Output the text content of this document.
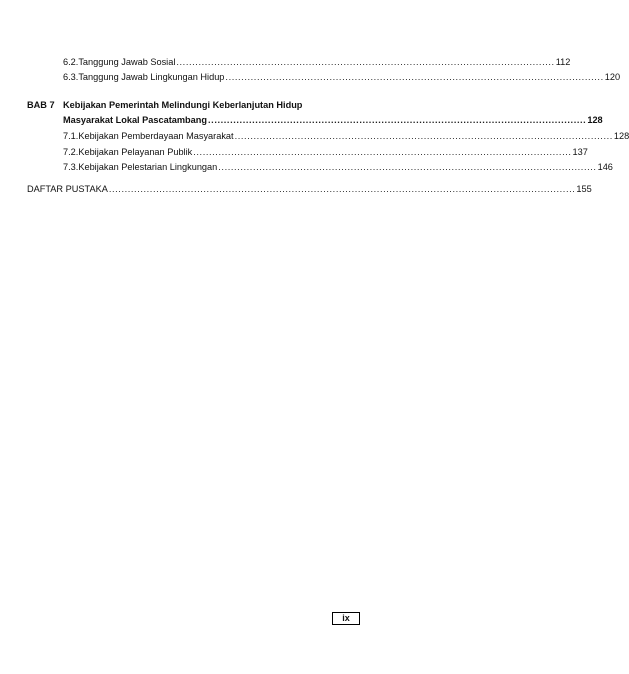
6.2. Tanggung Jawab Sosial ........................................................................................................................ 112
6.3. Tanggung Jawab Lingkungan Hidup ........................................................................................................................ 120
BAB 7 Kebijakan Pemerintah Melindungi Keberlanjutan Hidup
Masyarakat Lokal Pascatambang ........................................................................................................................ 128
7.1. Kebijakan Pemberdayaan Masyarakat ........................................................................................................................ 128
7.2. Kebijakan Pelayanan Publik ........................................................................................................................ 137
7.3. Kebijakan Pelestarian Lingkungan ........................................................................................................................ 146
DAFTAR PUSTAKA .................................................................................................................................................... 155
ix
